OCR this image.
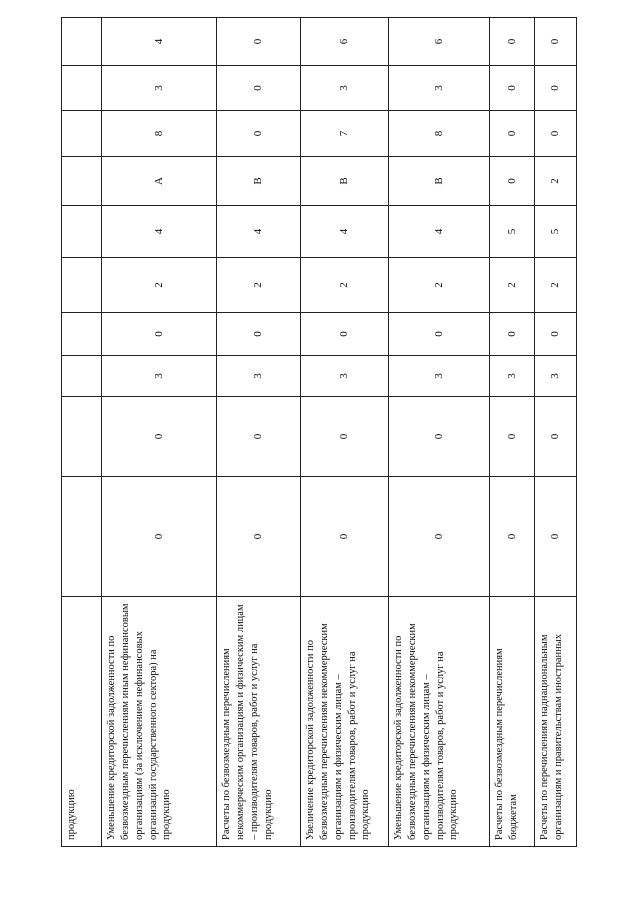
продукцию										
Уменьшение кредиторской задолженности по безвозмездным перечислениям иным нефинансовым организациям (за исключением нефинансовых организаций государственного сектора) на продукцию	0	0	3	0	2	4	А	8	3	4
Расчеты по безвозмездным перечислениям некоммерческим организациям и физическим лицам – производителям товаров, работ и услуг на продукцию	0	0	3	0	2	4	В	0	0	0
Увеличение кредиторской задолженности по безвозмездным перечислениям некоммерческим организациям и физическим лицам – производителям товаров, работ и услуг на продукцию	0	0	3	0	2	4	В	7	3	6
Уменьшение кредиторской задолженности по безвозмездным перечислениям некоммерческим организациям и физическим лицам – производителям товаров, работ и услуг на продукцию	0	0	3	0	2	4	В	8	3	6
Расчеты по безвозмездным перечислениям бюджетам	0	0	3	0	2	5	0	0	0	0
Расчеты по перечислениям наднациональным организациям и правительствам иностранных	0	0	3	0	2	5	2	0	0	0
